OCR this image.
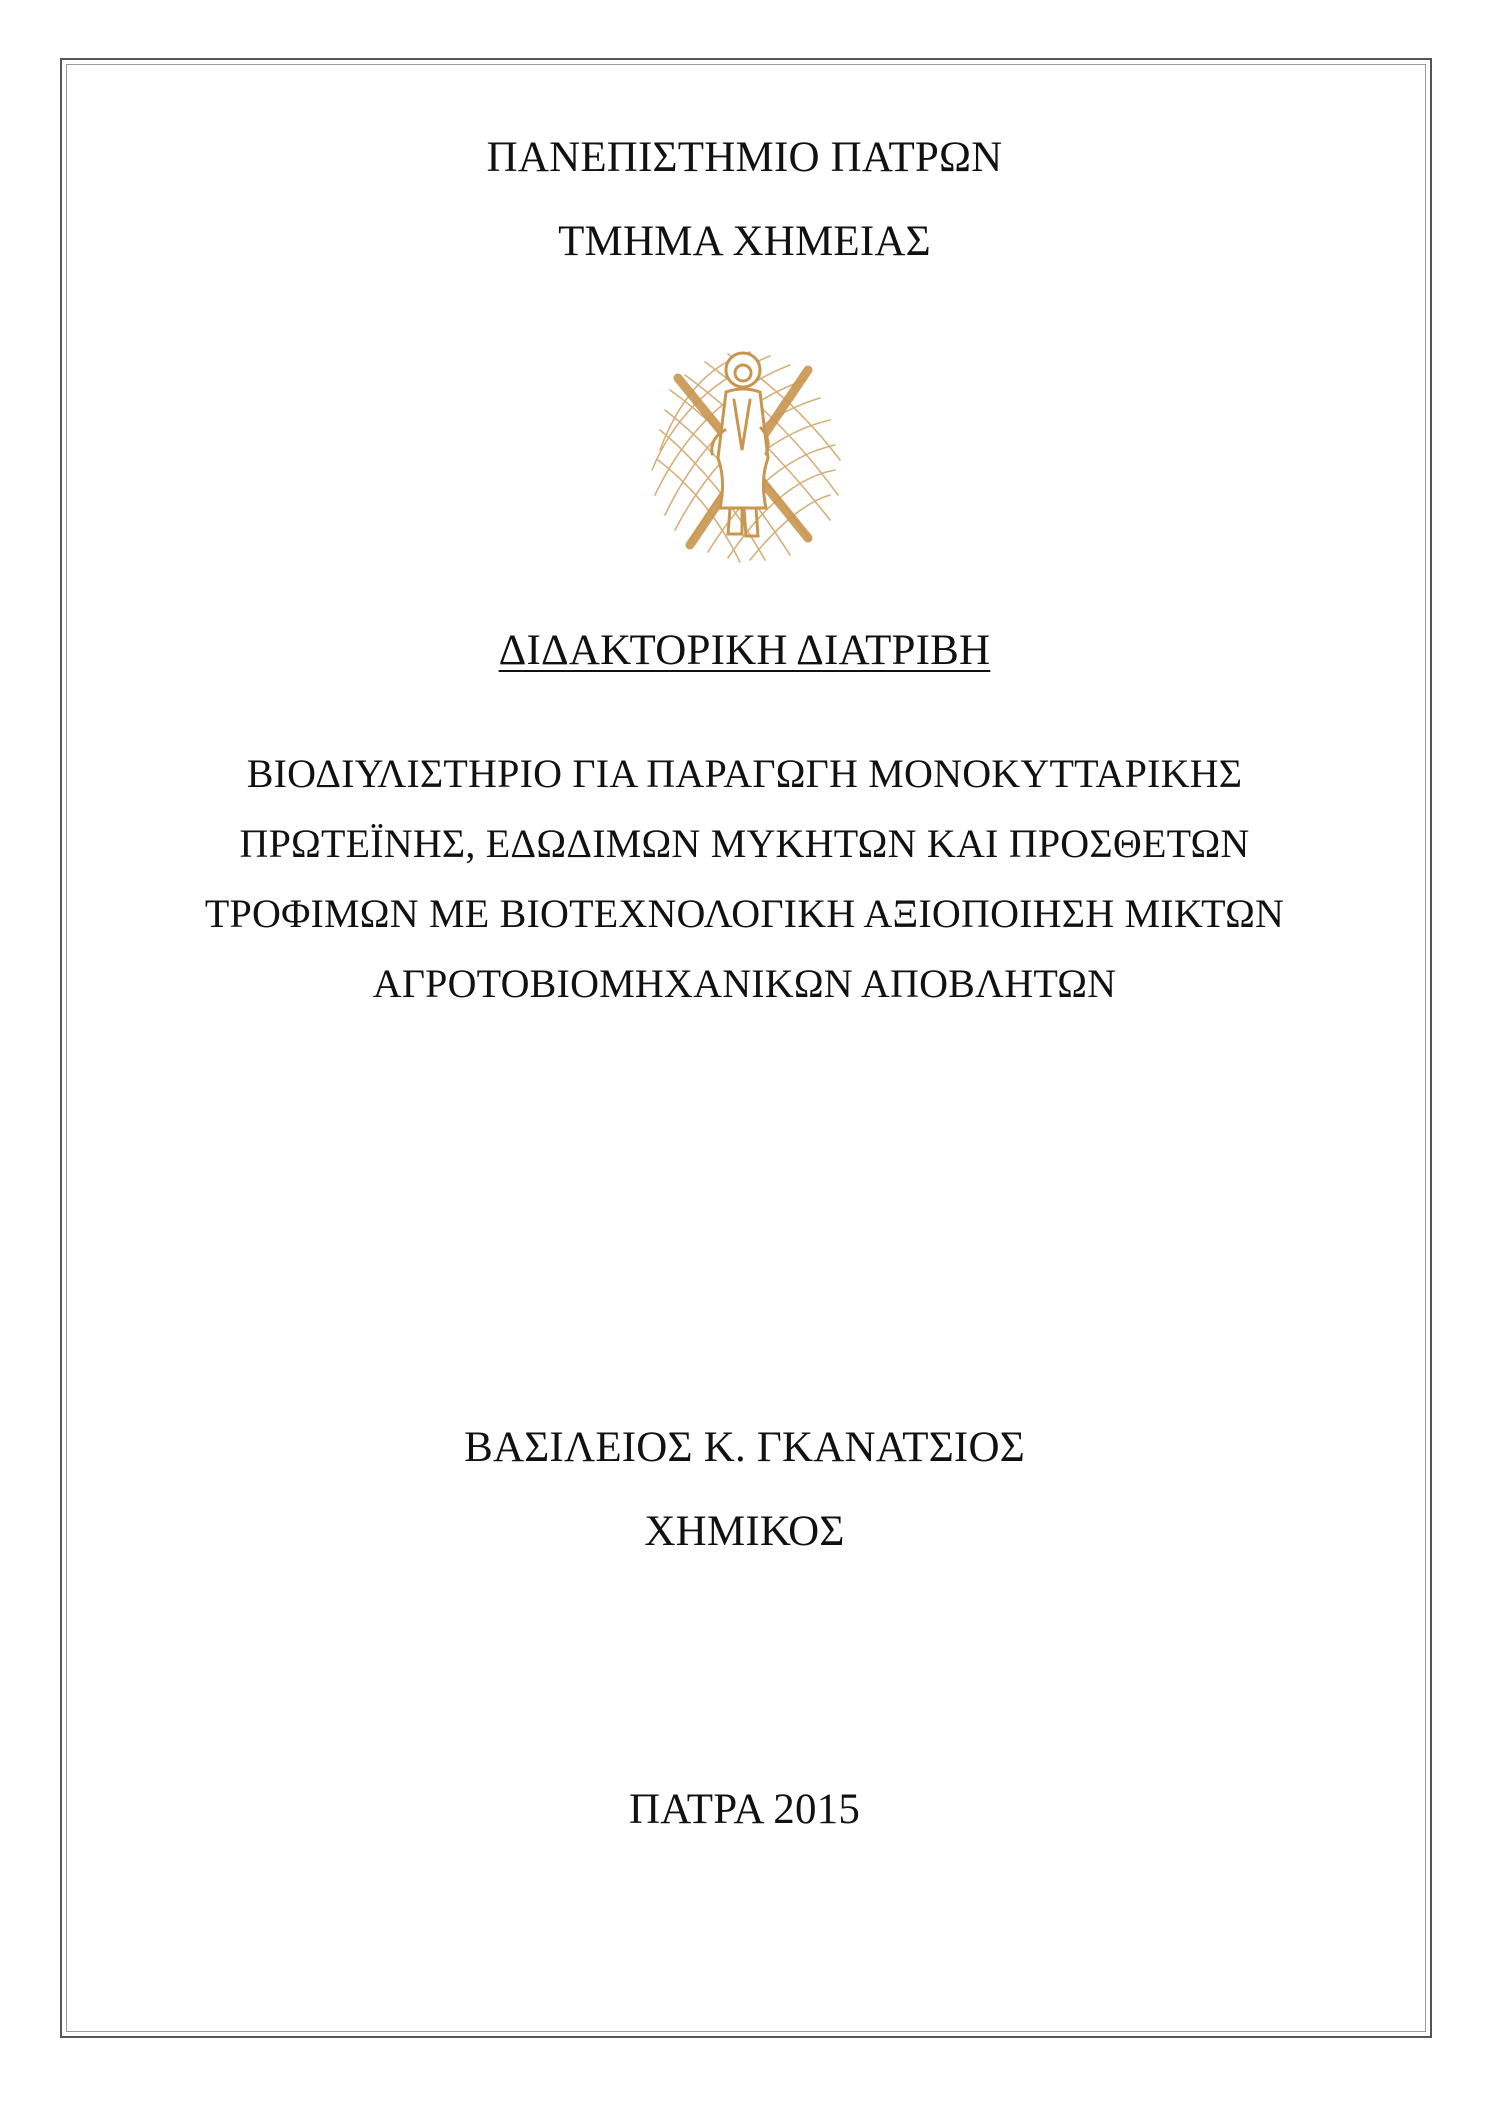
ΠΑΝΕΠΙΣΤΗΜΙΟ ΠΑΤΡΩΝ
ΤΜΗΜΑ ΧΗΜΕΙΑΣ
ΔΙΔΑΚΤΟΡΙΚΗ ΔΙΑΤΡΙΒΗ
ΒΙΟΔΙΥΛΙΣΤΗΡΙΟ ΓΙΑ ΠΑΡΑΓΩΓΗ ΜΟΝΟΚΥΤΤΑΡΙΚΗΣ
ΠΡΩΤΕΪΝΗΣ, ΕΔΩΔΙΜΩΝ ΜΥΚΗΤΩΝ ΚΑΙ ΠΡΟΣΘΕΤΩΝ
ΤΡΟΦΙΜΩΝ ΜΕ ΒΙΟΤΕΧΝΟΛΟΓΙΚΗ ΑΞΙΟΠΟΙΗΣΗ ΜΙΚΤΩΝ
ΑΓΡΟΤΟΒΙΟΜΗΧΑΝΙΚΩΝ ΑΠΟΒΛΗΤΩΝ
ΒΑΣΙΛΕΙΟΣ Κ. ΓΚΑΝΑΤΣΙΟΣ
ΧΗΜΙΚΟΣ
ΠΑΤΡΑ 2015
